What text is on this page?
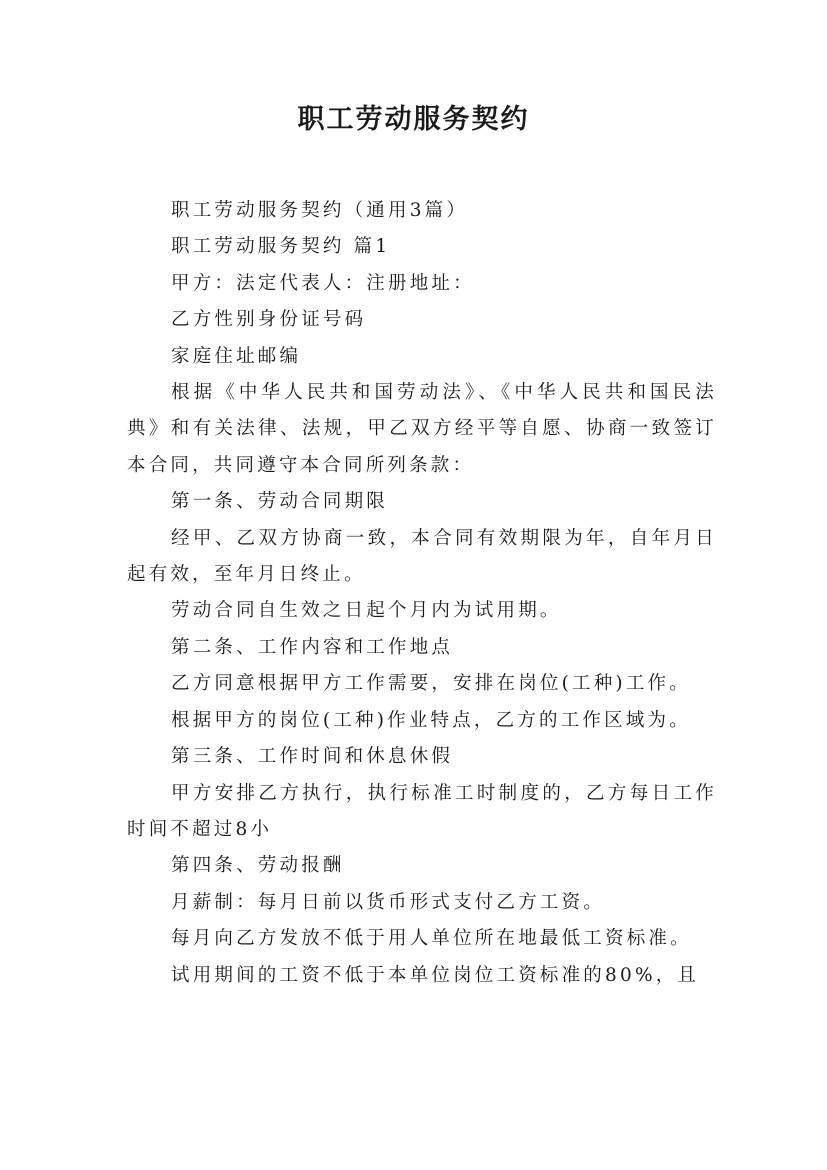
职工劳动服务契约

职工劳动服务契约（通用3篇）

职工劳动服务契约 篇1

甲方：法定代表人：注册地址：

乙方性别身份证号码

家庭住址邮编

根据《中华人民共和国劳动法》、《中华人民共和国民法典》和有关法律、法规，甲乙双方经平等自愿、协商一致签订本合同，共同遵守本合同所列条款：

第一条、劳动合同期限

经甲、乙双方协商一致，本合同有效期限为年，自年月日起有效，至年月日终止。

劳动合同自生效之日起个月内为试用期。

第二条、工作内容和工作地点

乙方同意根据甲方工作需要，安排在岗位(工种)工作。

根据甲方的岗位(工种)作业特点，乙方的工作区域为。

第三条、工作时间和休息休假

甲方安排乙方执行，执行标准工时制度的，乙方每日工作时间不超过8小

第四条、劳动报酬

月薪制：每月日前以货币形式支付乙方工资。

每月向乙方发放不低于用人单位所在地最低工资标准。

试用期间的工资不低于本单位岗位工资标准的80%，且
